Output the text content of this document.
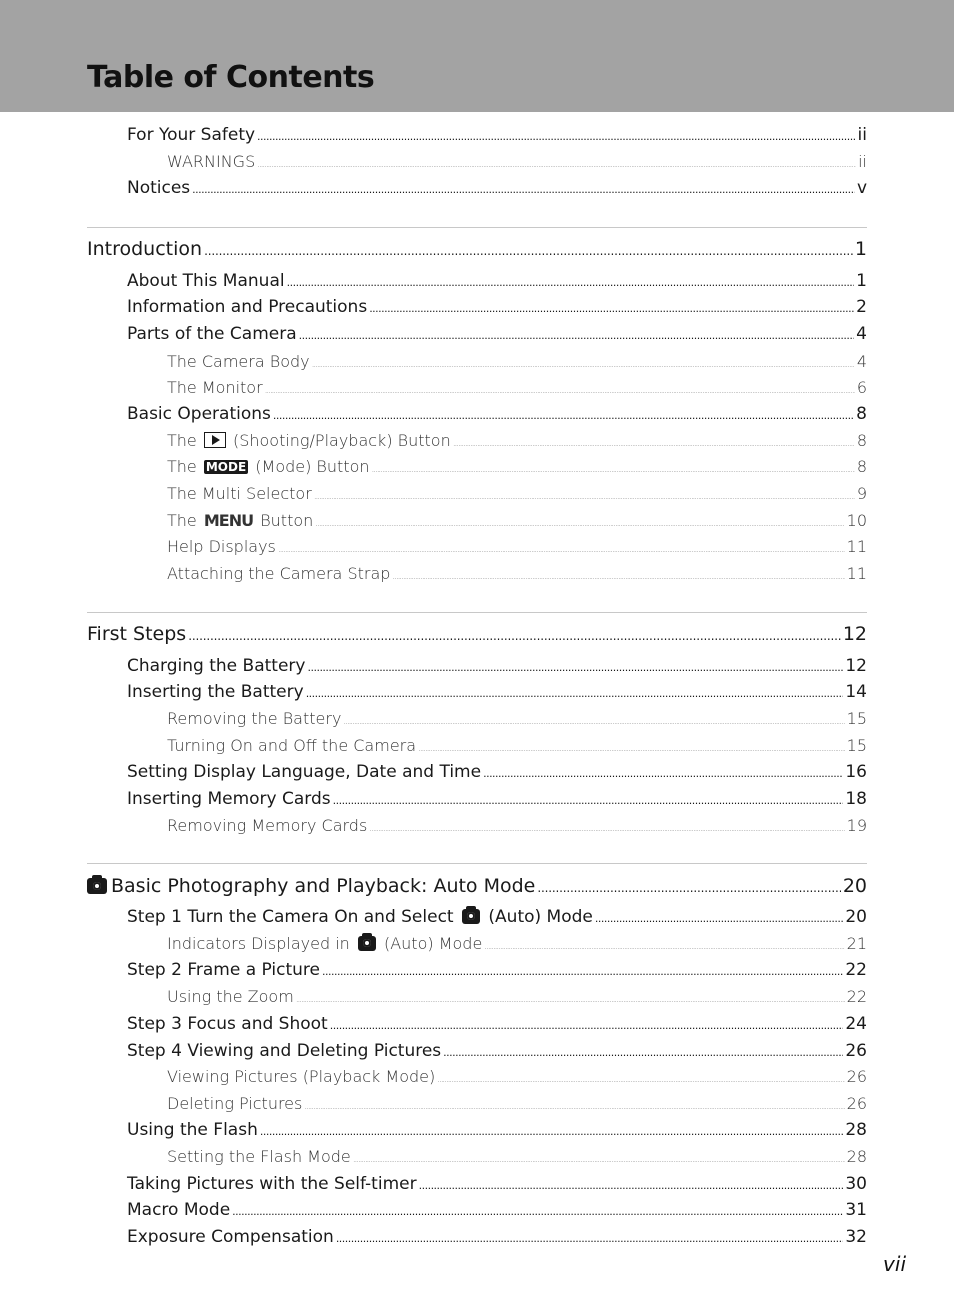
Table of Contents
For Your Safety . . .	ii
WARNINGS . . .	ii
Notices . . .	v
Introduction . . .	1
About This Manual . . .	1
Information and Precautions . . .	2
Parts of the Camera . . .	4
The Camera Body . . .	4
The Monitor . . .	6
Basic Operations . . .	8
The (Shooting/Playback) Button . . .	8
The MODE (Mode) Button . . .	8
The Multi Selector . . .	9
The MENU Button . . .	10
Help Displays . . .	11
Attaching the Camera Strap . . .	11
First Steps . . .	12
Charging the Battery . . .	12
Inserting the Battery . . .	14
Removing the Battery . . .	15
Turning On and Off the Camera . . .	15
Setting Display Language, Date and Time . . .	16
Inserting Memory Cards . . .	18
Removing Memory Cards . . .	19
Basic Photography and Playback: Auto Mode . . .	20
Step 1 Turn the Camera On and Select (Auto) Mode . . .	20
Indicators Displayed in (Auto) Mode . . .	21
Step 2 Frame a Picture . . .	22
Using the Zoom . . .	22
Step 3 Focus and Shoot . . .	24
Step 4 Viewing and Deleting Pictures . . .	26
Viewing Pictures (Playback Mode) . . .	26
Deleting Pictures . . .	26
Using the Flash . . .	28
Setting the Flash Mode . . .	28
Taking Pictures with the Self-timer . . .	30
Macro Mode . . .	31
Exposure Compensation . . .	32
vii
